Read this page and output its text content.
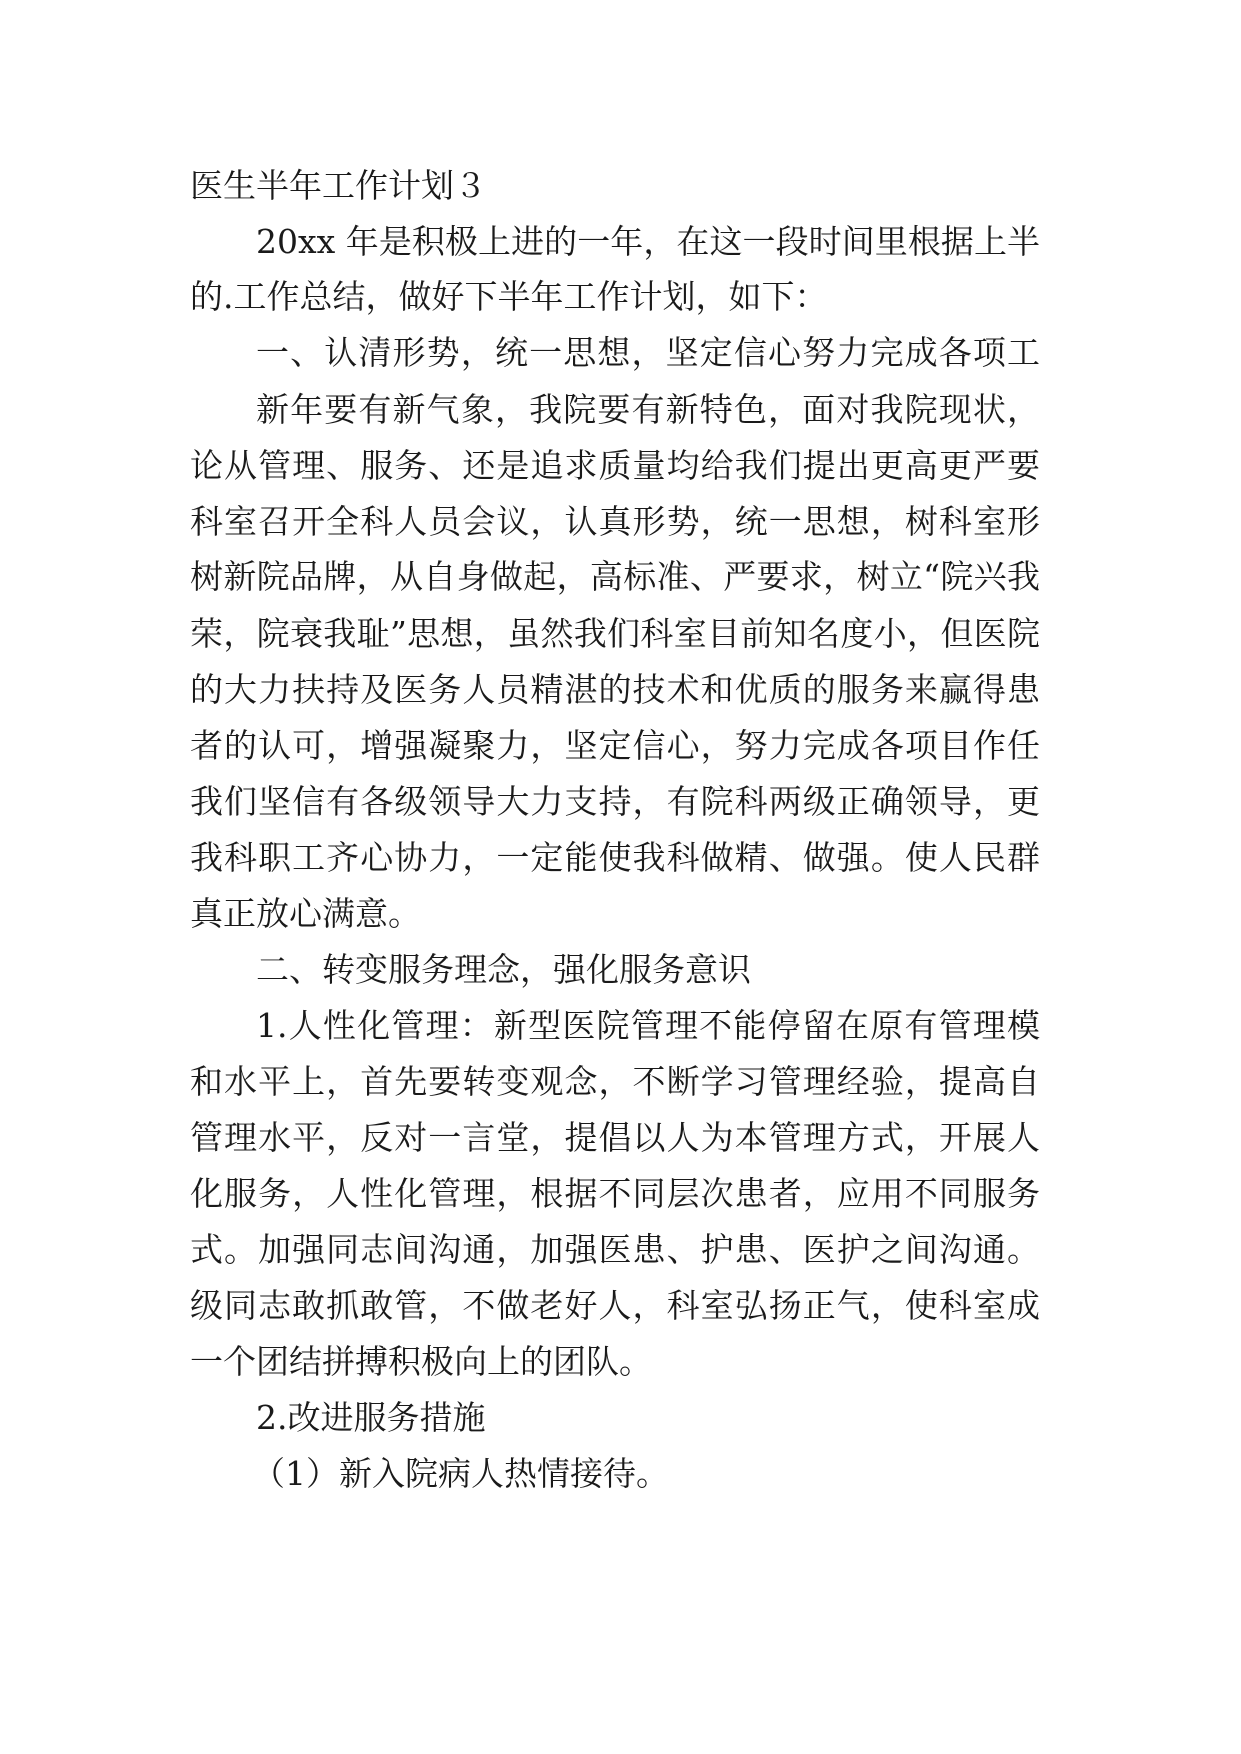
医生半年工作计划３
20xx 年是积极上进的一年，在这一段时间里根据上半
的.工作总结，做好下半年工作计划，如下：
一、认清形势，统一思想，坚定信心努力完成各项工
新年要有新气象，我院要有新特色，面对我院现状，
论从管理、服务、还是追求质量均给我们提出更高更严要
科室召开全科人员会议，认真形势，统一思想，树科室形
树新院品牌，从自身做起，高标准、严要求，树立“院兴我
荣，院衰我耻”思想，虽然我们科室目前知名度小，但医院
的大力扶持及医务人员精湛的技术和优质的服务来赢得患
者的认可，增强凝聚力，坚定信心，努力完成各项目作任
我们坚信有各级领导大力支持，有院科两级正确领导，更
我科职工齐心协力，一定能使我科做精、做强。使人民群
真正放心满意。
二、转变服务理念，强化服务意识
1.人性化管理：新型医院管理不能停留在原有管理模
和水平上，首先要转变观念，不断学习管理经验，提高自
管理水平，反对一言堂，提倡以人为本管理方式，开展人
化服务，人性化管理，根据不同层次患者，应用不同服务
式。加强同志间沟通，加强医患、护患、医护之间沟通。
级同志敢抓敢管，不做老好人，科室弘扬正气，使科室成
一个团结拼搏积极向上的团队。
2.改进服务措施
（1）新入院病人热情接待。
